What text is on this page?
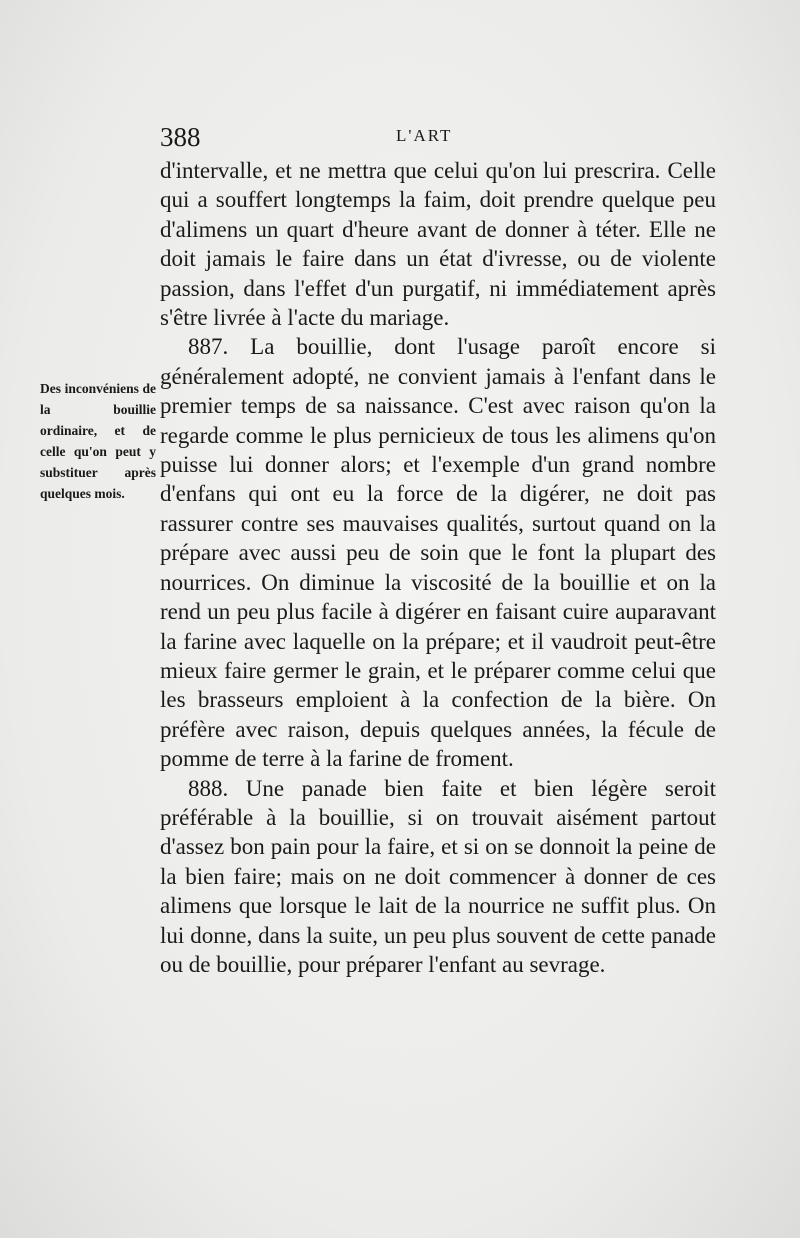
388	L'ART
Des inconvéniens de la bouillie ordinaire, et de celle qu'on peut y substituer après quelques mois.

d'intervalle, et ne mettra que celui qu'on lui prescrira. Celle qui a souffert longtemps la faim, doit prendre quelque peu d'alimens un quart d'heure avant de donner à téter. Elle ne doit jamais le faire dans un état d'ivresse, ou de violente passion, dans l'effet d'un purgatif, ni immédiatement après s'être livrée à l'acte du mariage.

887. La bouillie, dont l'usage paroît encore si généralement adopté, ne convient jamais à l'enfant dans le premier temps de sa naissance. C'est avec raison qu'on la regarde comme le plus pernicieux de tous les alimens qu'on puisse lui donner alors; et l'exemple d'un grand nombre d'enfans qui ont eu la force de la digérer, ne doit pas rassurer contre ses mauvaises qualités, surtout quand on la prépare avec aussi peu de soin que le font la plupart des nourrices. On diminue la viscosité de la bouillie et on la rend un peu plus facile à digérer en faisant cuire auparavant la farine avec laquelle on la prépare; et il vaudroit peut-être mieux faire germer le grain, et le préparer comme celui que les brasseurs emploient à la confection de la bière. On préfère avec raison, depuis quelques années, la fécule de pomme de terre à la farine de froment.

888. Une panade bien faite et bien légère seroit préférable à la bouillie, si on trouvait aisément partout d'assez bon pain pour la faire, et si on se donnoit la peine de la bien faire; mais on ne doit commencer à donner de ces alimens que lorsque le lait de la nourrice ne suffit plus. On lui donne, dans la suite, un peu plus souvent de cette panade ou de bouillie, pour préparer l'enfant au sevrage.
